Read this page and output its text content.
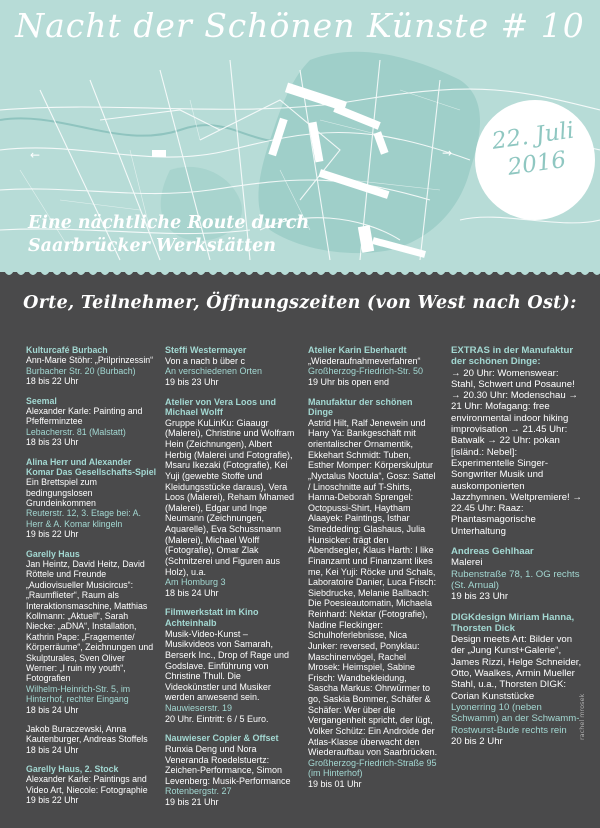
←	→
Nacht der Schönen Künste # 10
22. Juli
2016
Eine nächtliche Route durch
Saarbrücker Werkstätten
Orte, Teilnehmer, Öffnungszeiten (von West nach Ost):
Kulturcafé Burbach
Ann-Marie Stöhr: „Prilprinzessin“
Burbacher Str. 20 (Burbach)
18 bis 22 Uhr
Seemal
Alexander Karle: Painting and Pfefferminztee
Lebacherstr. 81 (Malstatt)
18 bis 23 Uhr
Alina Herr und Alexander Komar Das Gesellschafts-Spiel
Ein Brettspiel zum bedingungslosen Grundeinkommen
Reuterstr. 12, 3. Etage bei: A. Herr & A. Komar klingeln
19 bis 22 Uhr
Garelly Haus
Jan Heintz, David Heitz, David Röttele und Freunde „Audiovisueller Musicircus“: „Raumflieter“, Raum als Interaktionsmaschine, Matthias Kollmann: „Aktuell“, Sarah Niecke: „aDNA“, Installation, Kathrin Pape: „Fragemente/ Körperräume“, Zeichnungen und Skulpturales, Sven Oliver Werner: „I ruin my youth“, Fotografien
Wilhelm-Heinrich-Str. 5, im Hinterhof, rechter Eingang
18 bis 24 Uhr
Jakob Buraczewski, Anna Kautenburger, Andreas Stoffels
18 bis 24 Uhr
Garelly Haus, 2. Stock
Alexander Karle: Paintings and Video Art, Niecole: Fotographie
19 bis 22 Uhr
Steffi Westermayer
Von a nach b über c
An verschiedenen Orten
19 bis 23 Uhr
Atelier von Vera Loos und Michael Wolff
Gruppe KuLinKu: Giaaugr (Malerei), Christine und Wolfram Hein (Zeichnungen), Albert Herbig (Malerei und Fotografie), Msaru Ikezaki (Fotografie), Kei Yuji (gewebte Stoffe und Kleidungsstücke daraus), Vera Loos (Malerei), Reham Mhamed (Malerei), Edgar und Inge Neumann (Zeichnungen, Aquarelle), Eva Schussmann (Malerei), Michael Wolff (Fotografie), Omar Zlak (Schnitzerei und Figuren aus Holz), u.a.
Am Homburg 3
18 bis 24 Uhr
Filmwerkstatt im Kino Achteinhalb
Musik-Video-Kunst – Musikvideos von Samarah, Berserk Inc., Drop of Rage und Godslave. Einführung von Christine Thull. Die Videokünstler und Musiker werden anwesend sein.
Nauwieserstr. 19
20 Uhr. Eintritt: 6 / 5 Euro.
Nauwieser Copier & Offset
Runxia Deng und Nora Veneranda Roedelstuertz: Zeichen-Performance, Simon Levenberg: Musik-Performance
Rotenbergstr. 27
19 bis 21 Uhr
Atelier Karin Eberhardt
„Wiederaufnahmeverfahren“
Großherzog-Friedrich-Str. 50
19 Uhr bis open end
Manufaktur der schönen Dinge
Astrid Hilt, Ralf Jenewein und Hany Ya: Bankgeschäft mit orientalischer Ornamentik, Ekkehart Schmidt: Tuben, Esther Momper: Körperskulptur „Nyctalus Noctula“, Gosz: Sattel / Linoschnitte auf T-Shirts, Hanna-Deborah Sprengel: Octopussi-Shirt, Haytham Alaayek: Paintings, Isthar Smeddeding: Glashaus, Julia Hunsicker: trägt den Abendsegler, Klaus Harth: I like Finanzamt und Finanzamt likes me, Kei Yuji: Röcke und Schals, Laboratoire Danier, Luca Frisch: Siebdrucke, Melanie Ballbach: Die Poesieautomatin, Michaela Reinhard: Nektar (Fotografie), Nadine Fleckinger: Schulhoferlebnisse, Nica Junker: reversed, Ponyklau: Maschinenvögel, Rachel Mrosek: Heimspiel, Sabine Frisch: Wandbekleidung, Sascha Markus: Ohrwürmer to go, Saskia Bommer, Schäfer & Schäfer: Wer über die Vergangenheit spricht, der lügt, Volker Schütz: Ein Androide der Atlas-Klasse überwacht den Wiederaufbau von Saarbrücken.
Großherzog-Friedrich-Straße 95 (im Hinterhof)
19 bis 01 Uhr
EXTRAS in der Manufaktur der schönen Dinge:
→ 20 Uhr: Womenswear: Stahl, Schwert und Posaune! → 20.30 Uhr: Modenschau → 21 Uhr: Mofagang: free environmental indoor hiking improvisation → 21.45 Uhr: Batwalk → 22 Uhr: pokan [isländ.: Nebel]: Experimentelle Singer-Songwriter Musik und auskomponierten Jazzhymnen. Weltpremiere! → 22.45 Uhr: Raaz: Phantasmagorische Unterhaltung
Andreas Gehlhaar
Malerei
Rubenstraße 78, 1. OG rechts (St. Arnual)
19 bis 23 Uhr
DIGKdesign Miriam Hanna, Thorsten Dick
Design meets Art: Bilder von der „Jung Kunst+Galerie“, James Rizzi, Helge Schneider, Otto, Waalkes, Armin Mueller Stahl, u.a., Thorsten DIGK: Corian Kunststücke
Lyonerring 10 (neben Schwamm) an der Schwamm-Rostwurst-Bude rechts rein
20 bis 2 Uhr
rachel mrosek
